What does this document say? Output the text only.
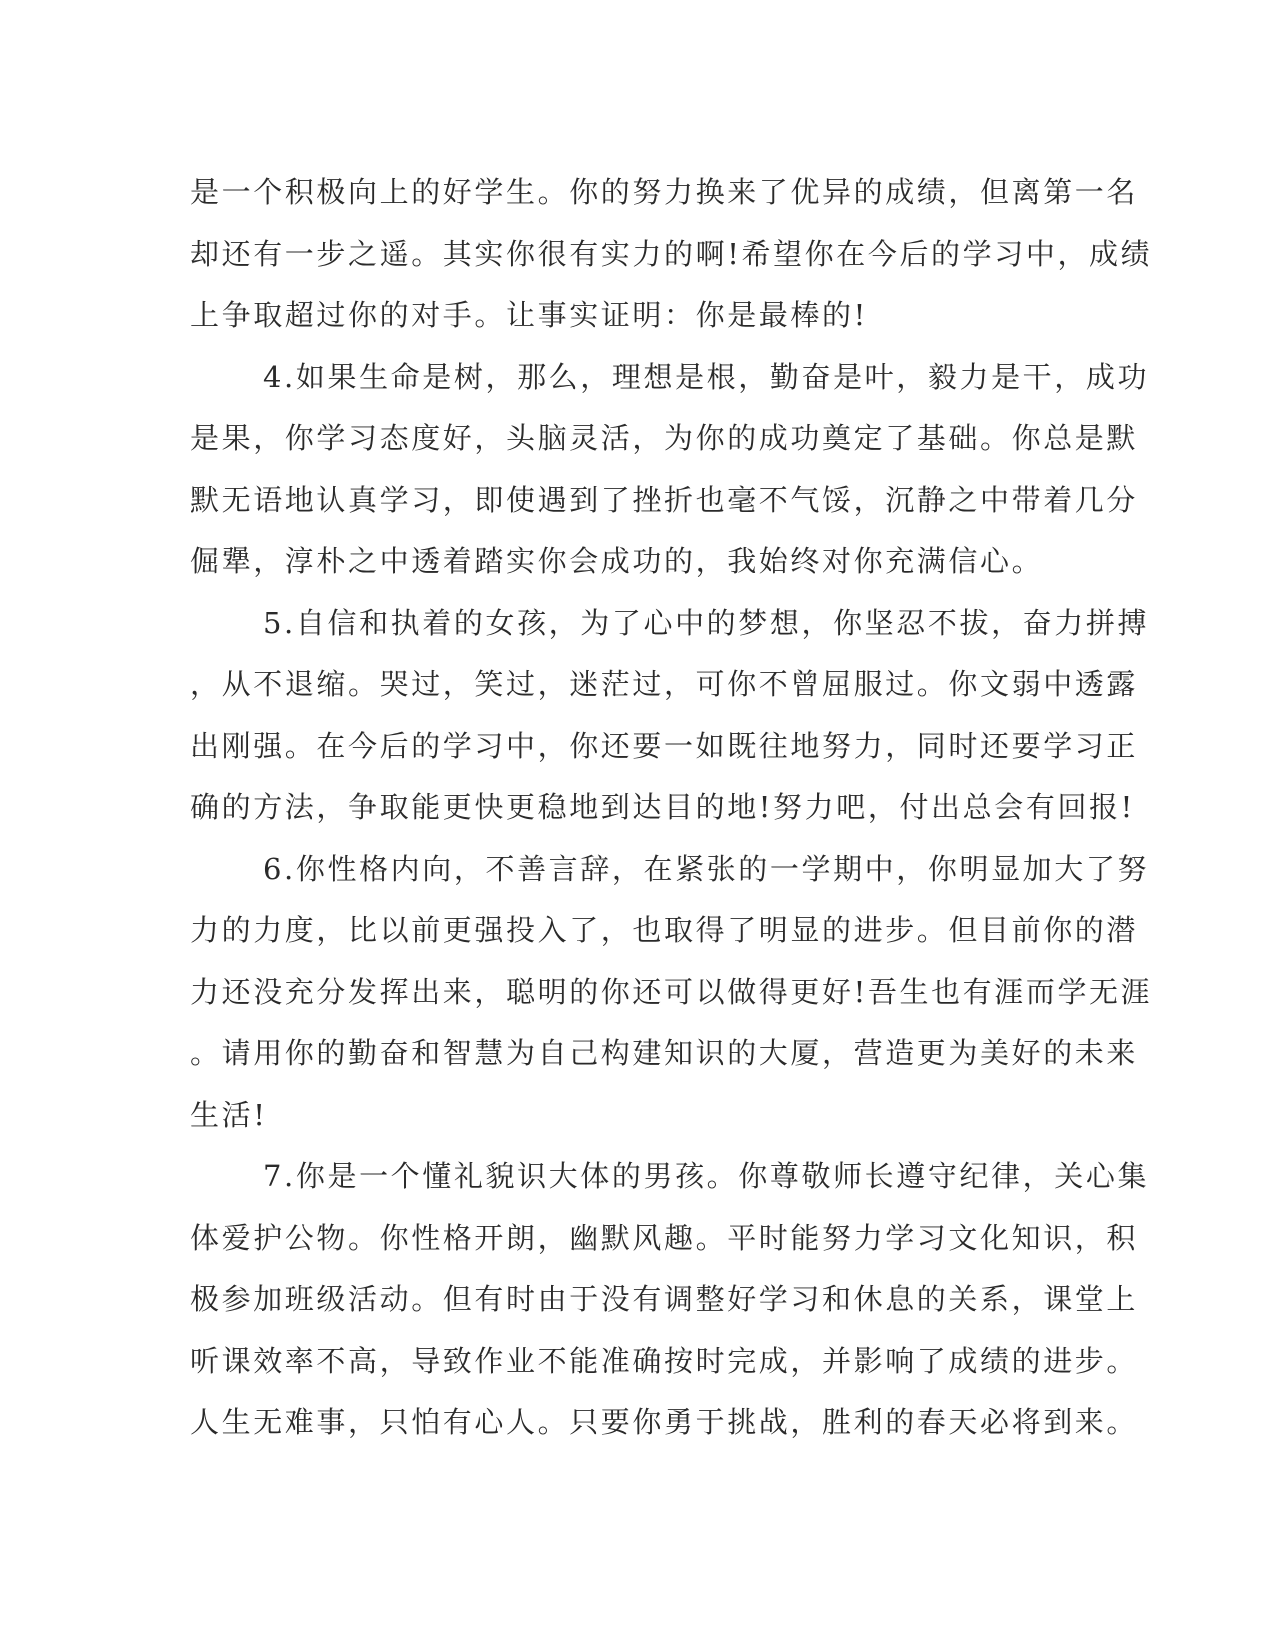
是一个积极向上的好学生。你的努力换来了优异的成绩，但离第一名
却还有一步之遥。其实你很有实力的啊!希望你在今后的学习中，成绩
上争取超过你的对手。让事实证明：你是最棒的!
4.如果生命是树，那么，理想是根，勤奋是叶，毅力是干，成功
是果，你学习态度好，头脑灵活，为你的成功奠定了基础。你总是默
默无语地认真学习，即使遇到了挫折也毫不气馁，沉静之中带着几分
倔犟，淳朴之中透着踏实你会成功的，我始终对你充满信心。
5.自信和执着的女孩，为了心中的梦想，你坚忍不拔，奋力拼搏
，从不退缩。哭过，笑过，迷茫过，可你不曾屈服过。你文弱中透露
出刚强。在今后的学习中，你还要一如既往地努力，同时还要学习正
确的方法，争取能更快更稳地到达目的地!努力吧，付出总会有回报!
6.你性格内向，不善言辞，在紧张的一学期中，你明显加大了努
力的力度，比以前更强投入了，也取得了明显的进步。但目前你的潜
力还没充分发挥出来，聪明的你还可以做得更好!吾生也有涯而学无涯
。请用你的勤奋和智慧为自己构建知识的大厦，营造更为美好的未来
生活!
7.你是一个懂礼貌识大体的男孩。你尊敬师长遵守纪律，关心集
体爱护公物。你性格开朗，幽默风趣。平时能努力学习文化知识，积
极参加班级活动。但有时由于没有调整好学习和休息的关系，课堂上
听课效率不高，导致作业不能准确按时完成，并影响了成绩的进步。
人生无难事，只怕有心人。只要你勇于挑战，胜利的春天必将到来。
